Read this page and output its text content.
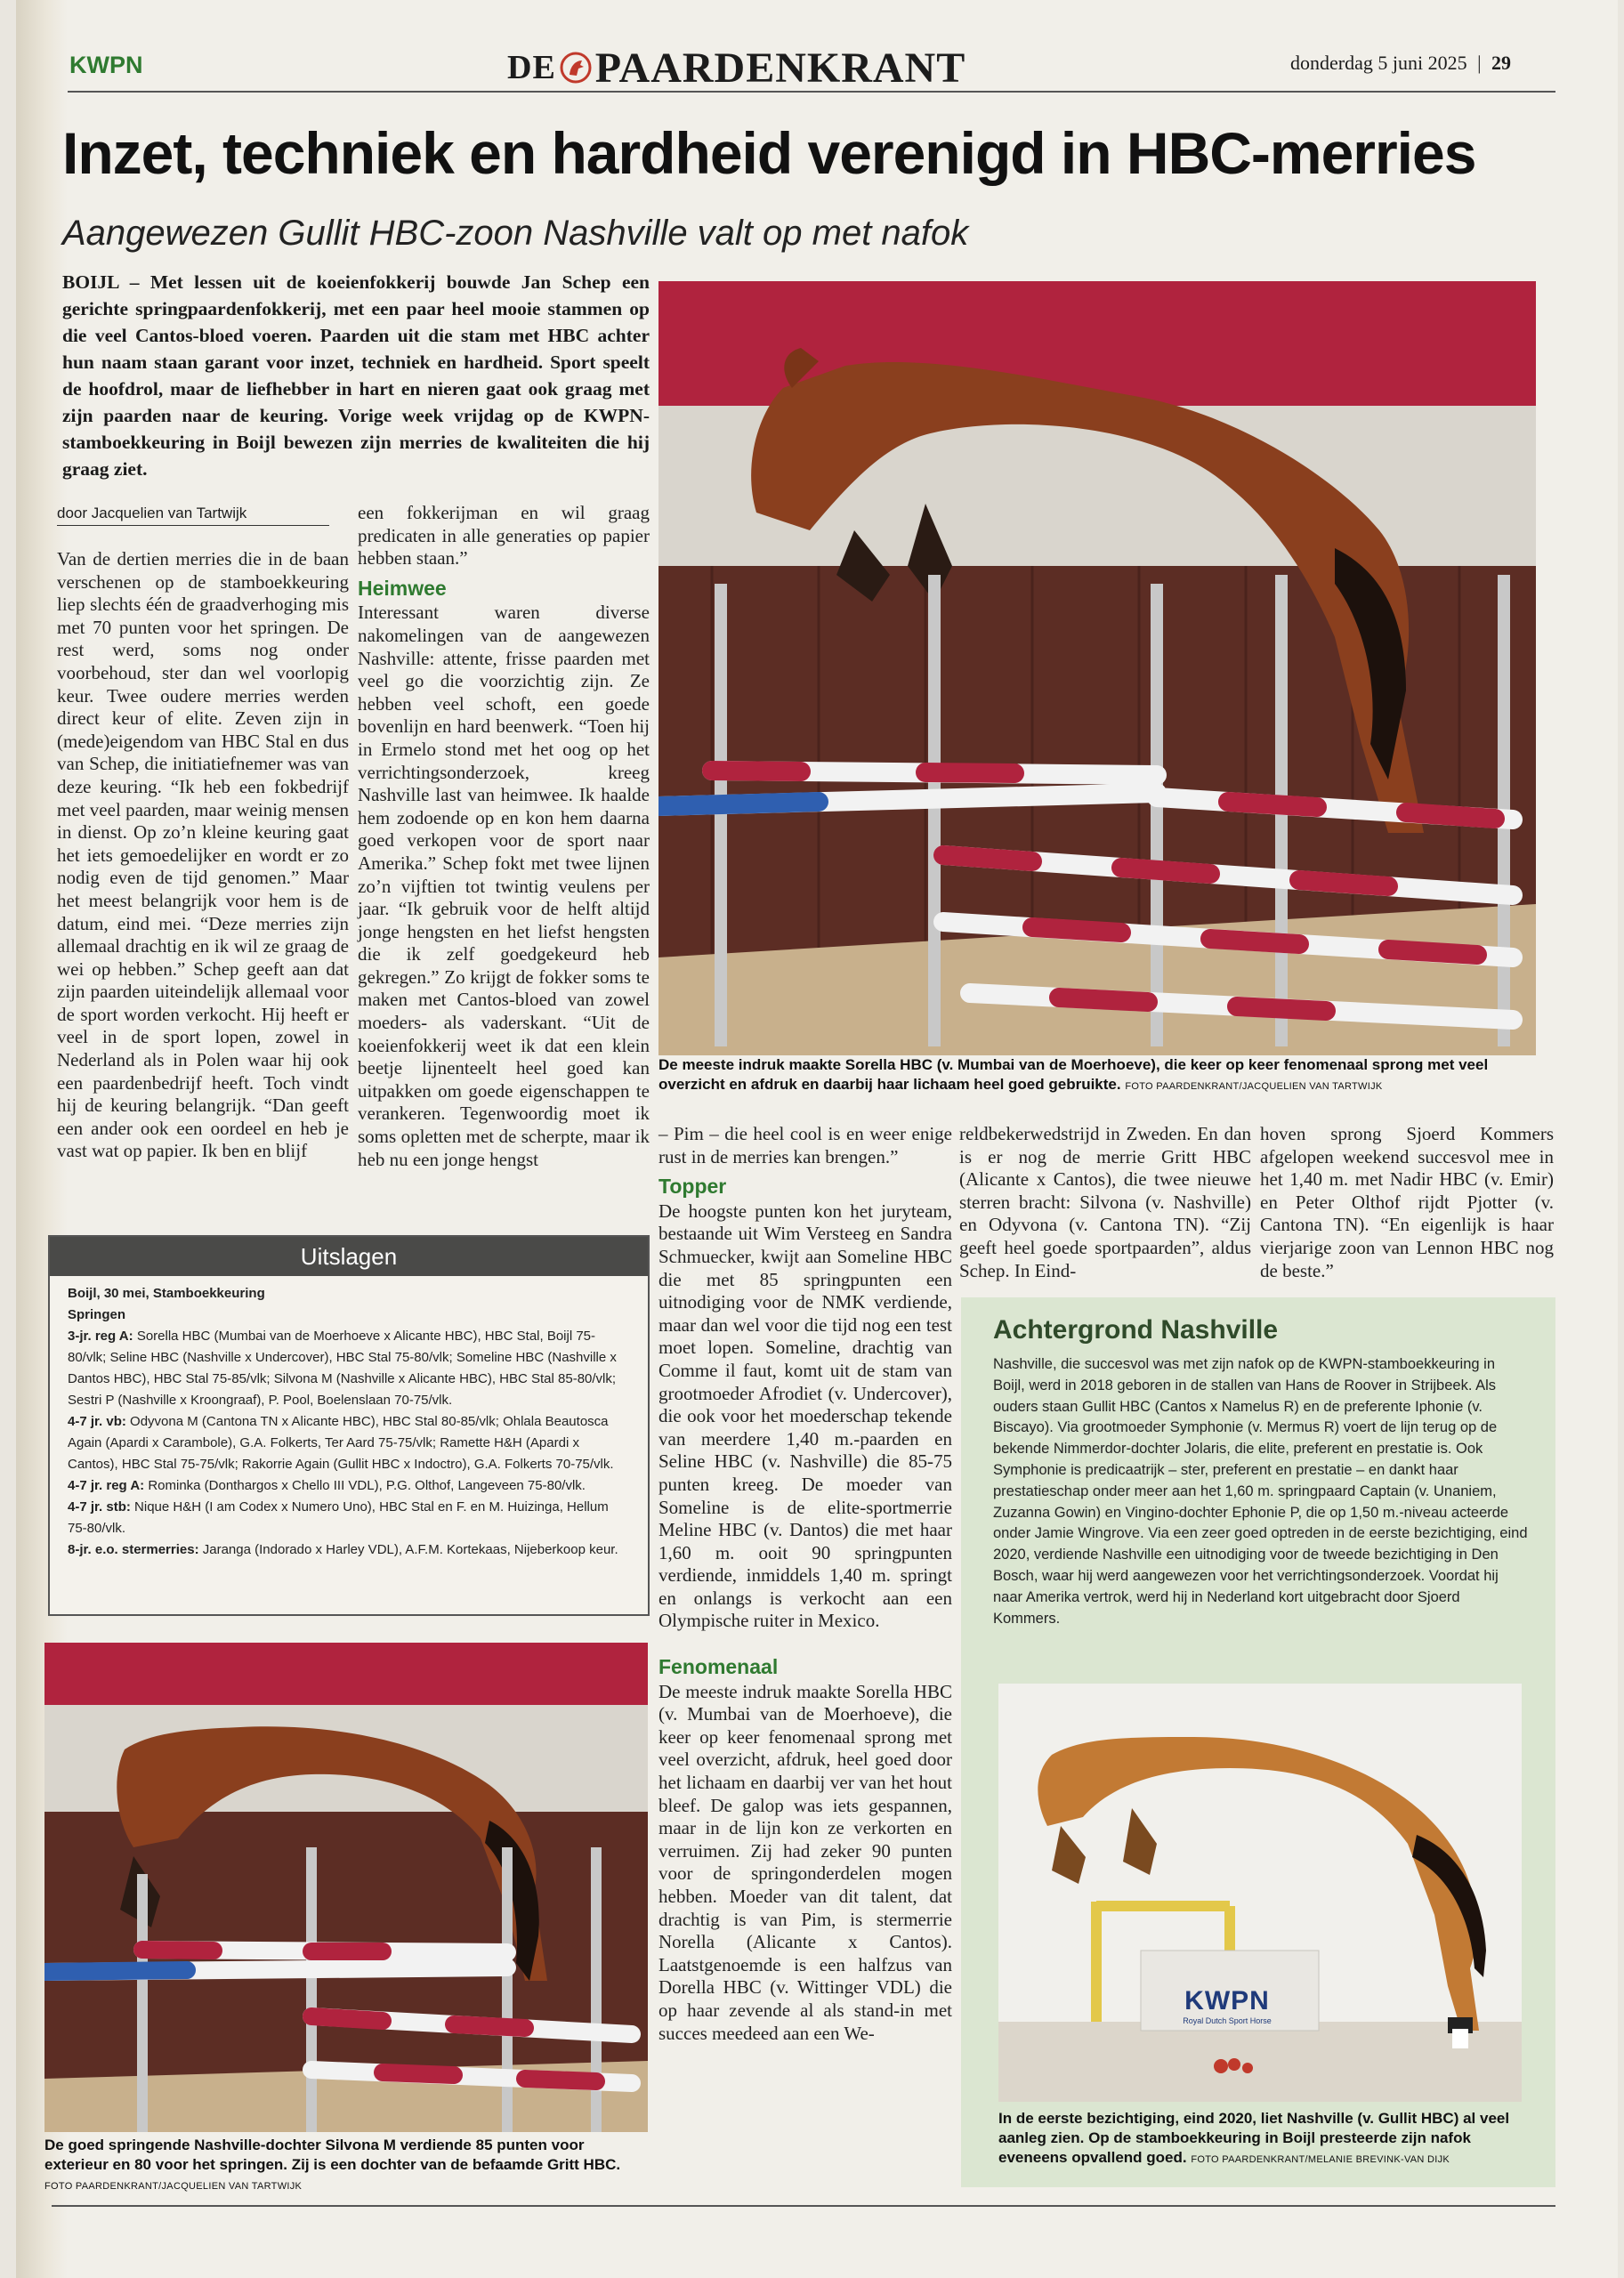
KWPN	DE PAARDENKRANT	donderdag 5 juni 2025 | 29
Inzet, techniek en hardheid verenigd in HBC-merries
Aangewezen Gullit HBC-zoon Nashville valt op met nafok
BOIJL – Met lessen uit de koeienfokkerij bouwde Jan Schep een gerichte springpaardenfokkerij, met een paar heel mooie stammen op die veel Cantos-bloed voeren. Paarden uit die stam met HBC achter hun naam staan garant voor inzet, techniek en hardheid. Sport speelt de hoofdrol, maar de liefhebber in hart en nieren gaat ook graag met zijn paarden naar de keuring. Vorige week vrijdag op de KWPN-stamboekkeuring in Boijl bewezen zijn merries de kwaliteiten die hij graag ziet.
door Jacquelien van Tartwijk

Van de dertien merries die in de baan verschenen op de stamboekkeuring liep slechts één de graadverhoging mis met 70 punten voor het springen. De rest werd, soms nog onder voorbehoud, ster dan wel voorlopig keur. Twee oudere merries werden direct keur of elite. Zeven zijn in (mede)eigendom van HBC Stal en dus van Schep, die initiatiefnemer was van deze keuring. “Ik heb een fokbedrijf met veel paarden, maar weinig mensen in dienst. Op zo’n kleine keuring gaat het iets gemoedelijker en wordt er zo nodig even de tijd genomen.” Maar het meest belangrijk voor hem is de datum, eind mei. “Deze merries zijn allemaal drachtig en ik wil ze graag de wei op hebben.” Schep geeft aan dat zijn paarden uiteindelijk allemaal voor de sport worden verkocht. Hij heeft er veel in de sport lopen, zowel in Nederland als in Polen waar hij ook een paardenbedrijf heeft. Toch vindt hij de keuring belangrijk. “Dan geeft een ander ook een oordeel en heb je vast wat op papier. Ik ben en blijf

een fokkerijman en wil graag predicaten in alle generaties op papier hebben staan.”

Heimwee

Interessant waren diverse nakomelingen van de aangewezen Nashville: attente, frisse paarden met veel go die voorzichtig zijn. Ze hebben veel schoft, een goede bovenlijn en hard beenwerk. “Toen hij in Ermelo stond met het oog op het verrichtingsonderzoek, kreeg Nashville last van heimwee. Ik haalde hem zodoende op en kon hem daarna goed verkopen voor de sport naar Amerika.” Schep fokt met twee lijnen zo’n vijftien tot twintig veulens per jaar. “Ik gebruik voor de helft altijd jonge hengsten en het liefst hengsten die ik zelf goedgekeurd heb gekregen.” Zo krijgt de fokker soms te maken met Cantos-bloed van zowel moeders- als vaderskant. “Uit de koeienfokkerij weet ik dat een klein beetje lijnenteelt heel goed kan uitpakken om goede eigenschappen te verankeren. Tegenwoordig moet ik soms opletten met de scherpte, maar ik heb nu een jonge hengst

De meeste indruk maakte Sorella HBC (v. Mumbai van de Moerhoeve), die keer op keer fenomenaal sprong met veel overzicht en afdruk en daarbij haar lichaam heel goed gebruikte. FOTO PAARDENKRANT/JACQUELIEN VAN TARTWIJK
Uitslagen
Boijl, 30 mei, Stamboekkeuring
Springen
3-jr. reg A: Sorella HBC (Mumbai van de Moerhoeve x Alicante HBC), HBC Stal, Boijl 75-80/vlk; Seline HBC (Nashville x Undercover), HBC Stal 75-80/vlk; Someline HBC (Nashville x Dantos HBC), HBC Stal 75-85/vlk; Silvona M (Nashville x Alicante HBC), HBC Stal 85-80/vlk; Sestri P (Nashville x Kroongraaf), P. Pool, Boelenslaan 70-75/vlk.
4-7 jr. vb: Odyvona M (Cantona TN x Alicante HBC), HBC Stal 80-85/vlk; Ohlala Beautosca Again (Apardi x Carambole), G.A. Folkerts, Ter Aard 75-75/vlk; Ramette H&H (Apardi x Cantos), HBC Stal 75-75/vlk; Rakorrie Again (Gullit HBC x Indoctro), G.A. Folkerts 70-75/vlk.
4-7 jr. reg A: Rominka (Donthargos x Chello III VDL), P.G. Olthof, Langeveen 75-80/vlk.
4-7 jr. stb: Nique H&H (I am Codex x Numero Uno), HBC Stal en F. en M. Huizinga, Hellum 75-80/vlk.
8-jr. e.o. stermerries: Jaranga (Indorado x Harley VDL), A.F.M. Kortekaas, Nijeberkoop keur.
De goed springende Nashville-dochter Silvona M verdiende 85 punten voor exterieur en 80 voor het springen. Zij is een dochter van de befaamde Gritt HBC. FOTO PAARDENKRANT/JACQUELIEN VAN TARTWIJK

– Pim – die heel cool is en weer enige rust in de merries kan brengen.”

Topper

De hoogste punten kon het juryteam, bestaande uit Wim Versteeg en Sandra Schmuecker, kwijt aan Someline HBC die met 85 springpunten een uitnodiging voor de NMK verdiende, maar dan wel voor die tijd nog een test moet lopen. Someline, drachtig van Comme il faut, komt uit de stam van grootmoeder Afrodiet (v. Undercover), die ook voor het moederschap tekende van meerdere 1,40 m.-paarden en Seline HBC (v. Nashville) die 85-75 punten kreeg. De moeder van Someline is de elite-sportmerrie Meline HBC (v. Dantos) die met haar 1,60 m. ooit 90 springpunten verdiende, inmiddels 1,40 m. springt en onlangs is verkocht aan een Olympische ruiter in Mexico.

Fenomenaal

De meeste indruk maakte Sorella HBC (v. Mumbai van de Moerhoeve), die keer op keer fenomenaal sprong met veel overzicht, afdruk, heel goed door het lichaam en daarbij ver van het hout bleef. De galop was iets gespannen, maar in de lijn kon ze verkorten en verruimen. Zij had zeker 90 punten voor de springonderdelen mogen hebben. Moeder van dit talent, dat drachtig is van Pim, is stermerrie Norella (Alicante x Cantos). Laatstgenoemde is een halfzus van Dorella HBC (v. Wittinger VDL) die op haar zevende al als stand-in met succes meedeed aan een We-

reldbekerwedstrijd in Zweden. En dan is er nog de merrie Gritt HBC (Alicante x Cantos), die twee nieuwe sterren bracht: Silvona (v. Nashville) en Odyvona (v. Cantona TN). “Zij geeft heel goede sportpaarden”, aldus Schep. In Eind-

hoven sprong Sjoerd Kommers afgelopen weekend succesvol mee in het 1,40 m. met Nadir HBC (v. Emir) en Peter Olthof rijdt Pjotter (v. Cantona TN). “En eigenlijk is haar vierjarige zoon van Lennon HBC nog de beste.”

Achtergrond Nashville
Nashville, die succesvol was met zijn nafok op de KWPN-stamboekkeuring in Boijl, werd in 2018 geboren in de stallen van Hans de Roover in Strijbeek. Als ouders staan Gullit HBC (Cantos x Namelus R) en de preferente Iphonie (v. Biscayo). Via grootmoeder Symphonie (v. Mermus R) voert de lijn terug op de bekende Nimmerdor-dochter Jolaris, die elite, preferent en prestatie is. Ook Symphonie is predicaatrijk – ster, preferent en prestatie – en dankt haar prestatieschap onder meer aan het 1,60 m. springpaard Captain (v. Unaniem, Zuzanna Gowin) en Vingino-dochter Ephonie P, die op 1,50 m.-niveau acteerde onder Jamie Wingrove. Via een zeer goed optreden in de eerste bezichtiging, eind 2020, verdiende Nashville een uitnodiging voor de tweede bezichtiging in Den Bosch, waar hij werd aangewezen voor het verrichtingsonderzoek. Voordat hij naar Amerika vertrok, werd hij in Nederland kort uitgebracht door Sjoerd Kommers.
KWPN
Royal Dutch Sport Horse
In de eerste bezichtiging, eind 2020, liet Nashville (v. Gullit HBC) al veel aanleg zien. Op de stamboekkeuring in Boijl presteerde zijn nafok eveneens opvallend goed. FOTO PAARDENKRANT/MELANIE BREVINK-VAN DIJK
